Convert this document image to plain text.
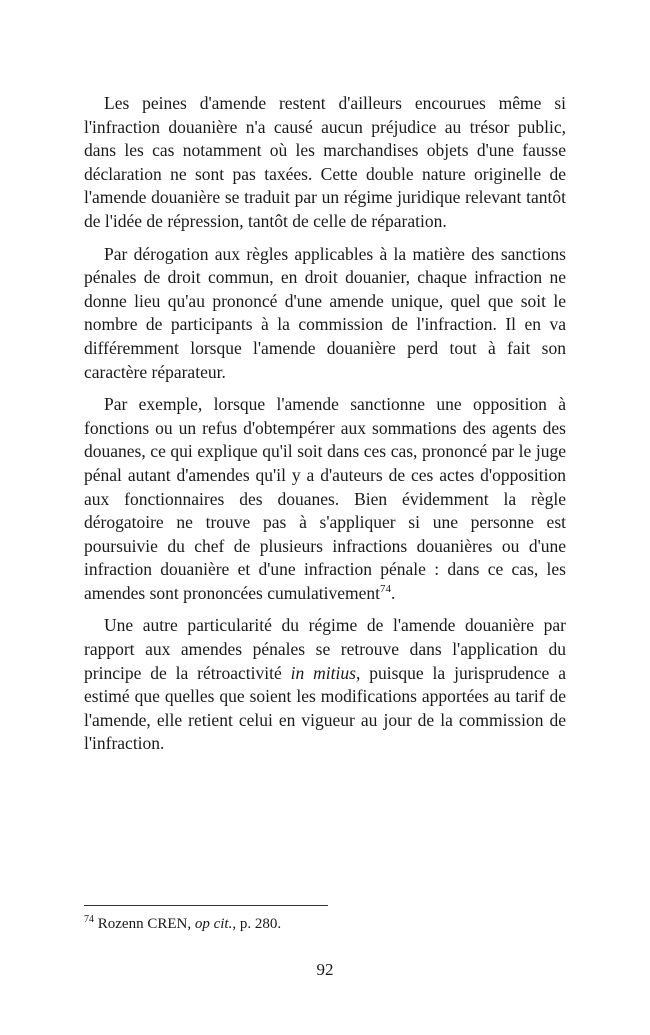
Les peines d'amende restent d'ailleurs encourues même si l'infraction douanière n'a causé aucun préjudice au trésor public, dans les cas notamment où les marchandises objets d'une fausse déclaration ne sont pas taxées. Cette double nature originelle de l'amende douanière se traduit par un régime juridique relevant tantôt de l'idée de répression, tantôt de celle de réparation.

Par dérogation aux règles applicables à la matière des sanctions pénales de droit commun, en droit douanier, chaque infraction ne donne lieu qu'au prononcé d'une amende unique, quel que soit le nombre de participants à la commission de l'infraction. Il en va différemment lorsque l'amende douanière perd tout à fait son caractère réparateur.

Par exemple, lorsque l'amende sanctionne une opposition à fonctions ou un refus d'obtempérer aux sommations des agents des douanes, ce qui explique qu'il soit dans ces cas, prononcé par le juge pénal autant d'amendes qu'il y a d'auteurs de ces actes d'opposition aux fonctionnaires des douanes. Bien évidemment la règle dérogatoire ne trouve pas à s'appliquer si une personne est poursuivie du chef de plusieurs infractions douanières ou d'une infraction douanière et d'une infraction pénale : dans ce cas, les amendes sont prononcées cumulativement$^{74}$.

Une autre particularité du régime de l'amende douanière par rapport aux amendes pénales se retrouve dans l'application du principe de la rétroactivité in mitius, puisque la jurisprudence a estimé que quelles que soient les modifications apportées au tarif de l'amende, elle retient celui en vigueur au jour de la commission de l'infraction.

$^{74}$ Rozenn CREN, op cit., p. 280.
92
